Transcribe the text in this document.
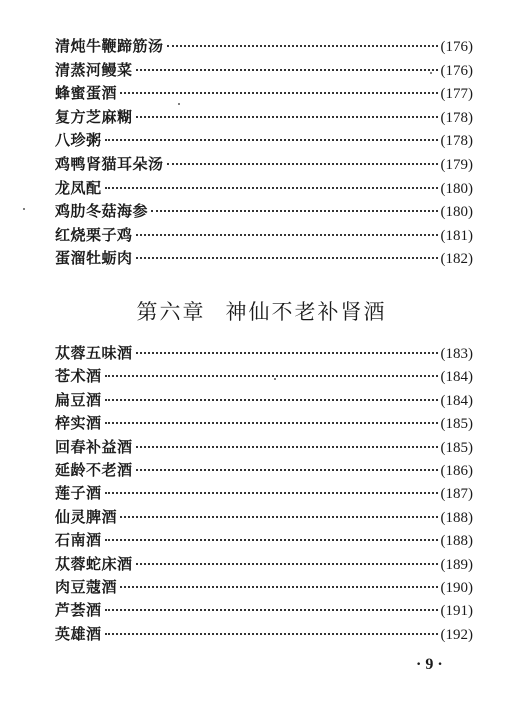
清炖牛鞭蹄筋汤	(176)
清蒸河鳗菜	(176)
蜂蜜蛋酒	(177)
复方芝麻糊	(178)
八珍粥	(178)
鸡鸭肾猫耳朵汤	(179)
龙凤配	(180)
鸡肋冬菇海参	(180)
红烧栗子鸡	(181)
蛋溜牡蛎肉	(182)
第六章 神仙不老补肾酒
苁蓉五味酒	(183)
苍术酒	(184)
扁豆酒	(184)
梓实酒	(185)
回春补益酒	(185)
延龄不老酒	(186)
莲子酒	(187)
仙灵脾酒	(188)
石南酒	(188)
苁蓉蛇床酒	(189)
肉豆蔻酒	(190)
芦荟酒	(191)
英雄酒	(192)
· 9 ·
